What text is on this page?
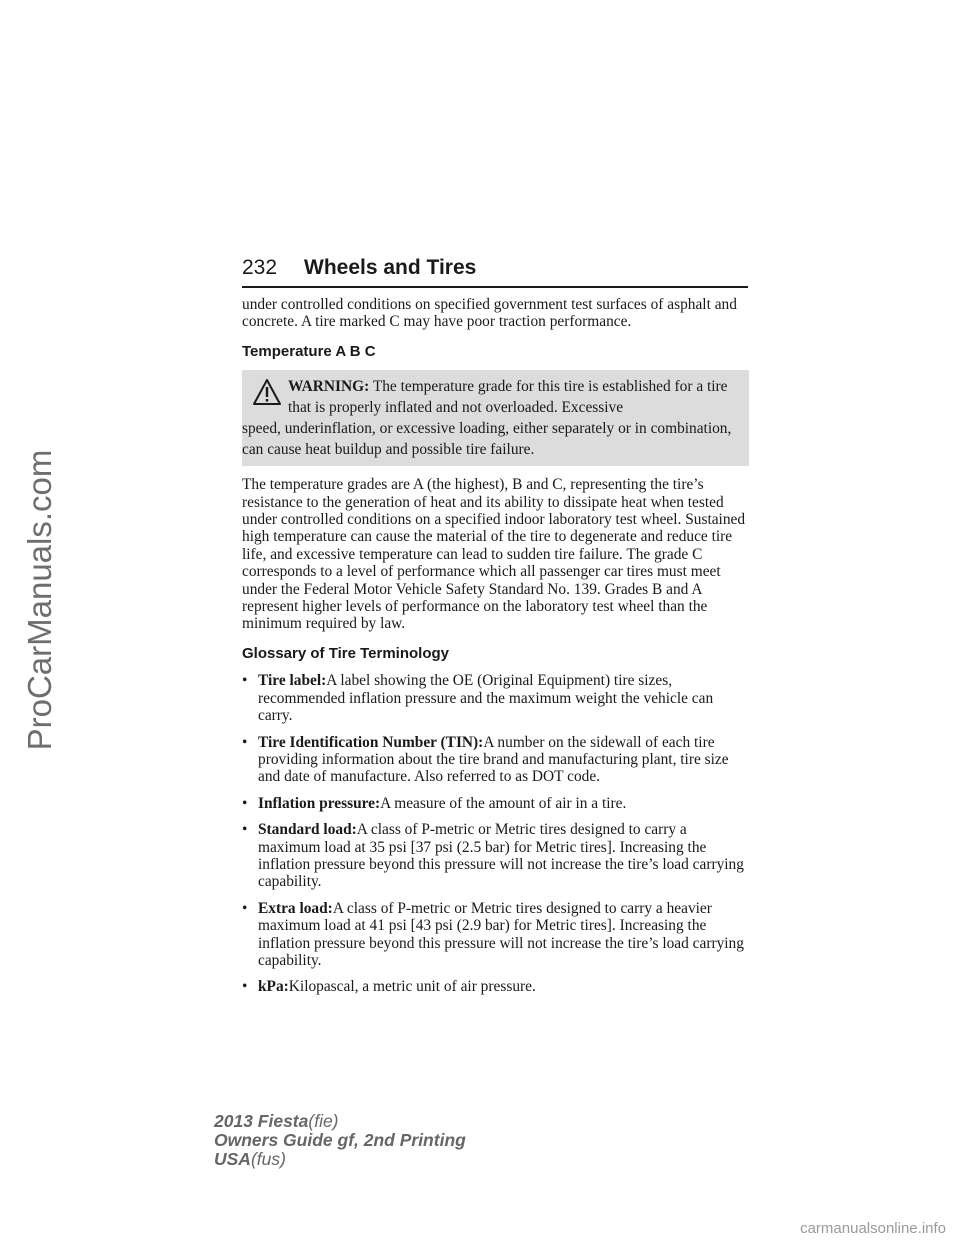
ProCarManuals.com
232 Wheels and Tires

under controlled conditions on specified government test surfaces of asphalt and concrete. A tire marked C may have poor traction performance.

Temperature A B C
WARNING: The temperature grade for this tire is established for a tire that is properly inflated and not overloaded. Excessive
speed, underinflation, or excessive loading, either separately or in combination, can cause heat buildup and possible tire failure.

The temperature grades are A (the highest), B and C, representing the tire’s resistance to the generation of heat and its ability to dissipate heat when tested under controlled conditions on a specified indoor laboratory test wheel. Sustained high temperature can cause the material of the tire to degenerate and reduce tire life, and excessive temperature can lead to sudden tire failure. The grade C corresponds to a level of performance which all passenger car tires must meet under the Federal Motor Vehicle Safety Standard No. 139. Grades B and A represent higher levels of performance on the laboratory test wheel than the minimum required by law.

Glossary of Tire Terminology
• Tire label:A label showing the OE (Original Equipment) tire sizes, recommended inflation pressure and the maximum weight the vehicle can carry.
• Tire Identification Number (TIN):A number on the sidewall of each tire providing information about the tire brand and manufacturing plant, tire size and date of manufacture. Also referred to as DOT code.
• Inflation pressure:A measure of the amount of air in a tire.
• Standard load:A class of P-metric or Metric tires designed to carry a maximum load at 35 psi [37 psi (2.5 bar) for Metric tires]. Increasing the inflation pressure beyond this pressure will not increase the tire’s load carrying capability.
• Extra load:A class of P-metric or Metric tires designed to carry a heavier maximum load at 41 psi [43 psi (2.9 bar) for Metric tires]. Increasing the inflation pressure beyond this pressure will not increase the tire’s load carrying capability.
• kPa:Kilopascal, a metric unit of air pressure.
2013 Fiesta(fie)
Owners Guide gf, 2nd Printing
USA(fus)
carmanualsonline.info
